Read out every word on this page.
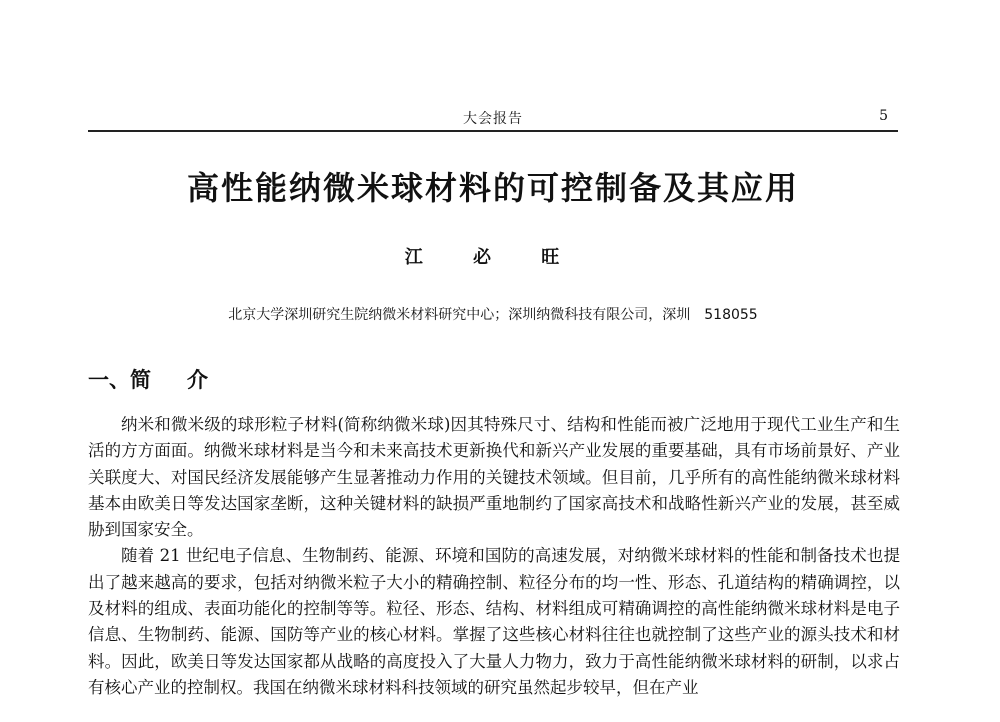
大会报告	5
高性能纳微米球材料的可控制备及其应用
江 必 旺
北京大学深圳研究生院纳微米材料研究中心；深圳纳微科技有限公司，深圳　518055
一、简 介

纳米和微米级的球形粒子材料(简称纳微米球)因其特殊尺寸、结构和性能而被广泛地用于现代工业生产和生活的方方面面。纳微米球材料是当今和未来高技术更新换代和新兴产业发展的重要基础，具有市场前景好、产业关联度大、对国民经济发展能够产生显著推动力作用的关键技术领域。但目前，几乎所有的高性能纳微米球材料基本由欧美日等发达国家垄断，这种关键材料的缺损严重地制约了国家高技术和战略性新兴产业的发展，甚至威胁到国家安全。

随着 21 世纪电子信息、生物制药、能源、环境和国防的高速发展，对纳微米球材料的性能和制备技术也提出了越来越高的要求，包括对纳微米粒子大小的精确控制、粒径分布的均一性、形态、孔道结构的精确调控，以及材料的组成、表面功能化的控制等等。粒径、形态、结构、材料组成可精确调控的高性能纳微米球材料是电子信息、生物制药、能源、国防等产业的核心材料。掌握了这些核心材料往往也就控制了这些产业的源头技术和材料。因此，欧美日等发达国家都从战略的高度投入了大量人力物力，致力于高性能纳微米球材料的研制，以求占有核心产业的控制权。我国在纳微米球材料科技领域的研究虽然起步较早，但在产业
